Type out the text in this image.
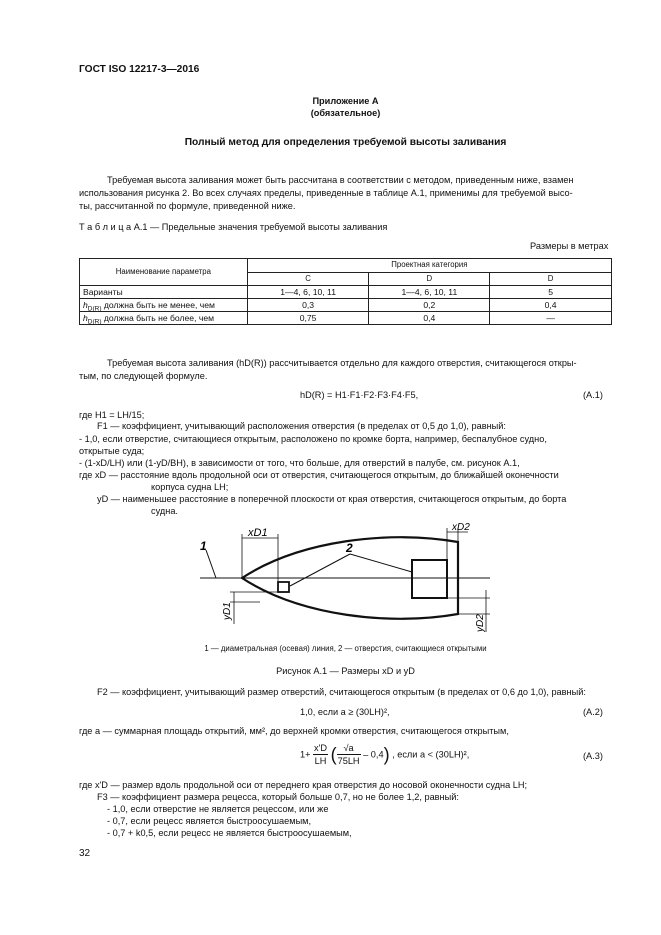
ГОСТ ISO 12217-3—2016
Приложение А
(обязательное)
Полный метод для определения требуемой высоты заливания
Требуемая высота заливания может быть рассчитана в соответствии с методом, приведенным ниже, взамен
использования рисунка 2. Во всех случаях пределы, приведенные в таблице А.1, применимы для требуемой высо-
ты, рассчитанной по формуле, приведенной ниже.
Т а б л и ц а А.1 — Предельные значения требуемой высоты заливания
Размеры в метрах
Наименование параметра	Проектная категория		
	C	D	D
Варианты	1—4, 6, 10, 11	1—4, 6, 10, 11	5
$h_{D(R)}$ должна быть не менее, чем	0,3	0,2	0,4
$h_{D(R)}$ должна быть не более, чем	0,75	0,4	—
Требуемая высота заливания (hD(R)) рассчитывается отдельно для каждого отверстия, считающегося откры-
тым, по следующей формуле.
hD(R) = H1·F1·F2·F3·F4·F5,	(А.1)
где H1 = LH/15;
F1 — коэффициент, учитывающий расположения отверстия (в пределах от 0,5 до 1,0), равный:
- 1,0, если отверстие, считающиеся открытым, расположено по кромке борта, например, беспалубное судно,
открытые суда;
- (1-xD/LH) или (1-yD/BH), в зависимости от того, что больше, для отверстий в палубе, см. рисунок А.1,
где xD — расстояние вдоль продольной оси от отверстия, считающегося открытым, до ближайшей оконечности
корпуса судна LH;
yD — наименьшее расстояние в поперечной плоскости от края отверстия, считающегося открытым, до борта
судна.
1	2
xD1	xD2
yD1
yD2
1 — диаметральная (осевая) линия, 2 — отверстия, считающиеся открытыми
Рисунок А.1 — Размеры xD и yD
F2 — коэффициент, учитывающий размер отверстий, считающегося открытым (в пределах от 0,6 до 1,0), равный:
1,0, если a ≥ (30LH)²,	(А.2)
где a — суммарная площадь открытий, мм², до верхней кромки отверстия, считающегося открытым,
$1+ \frac{x'D}{LH}$ ( $\frac{√a}{75LH} - 0,4$) , если a < (30LH)²,	(А.3)
где x'D — размер вдоль продольной оси от переднего края отверстия до носовой оконечности судна LH;
F3 — коэффициент размера рецесса, который больше 0,7, но не более 1,2, равный:
- 1,0, если отверстие не является рецессом, или же
- 0,7, если рецесс является быстроосушаемым,
- 0,7 + k0,5, если рецесс не является быстроосушаемым,
32
